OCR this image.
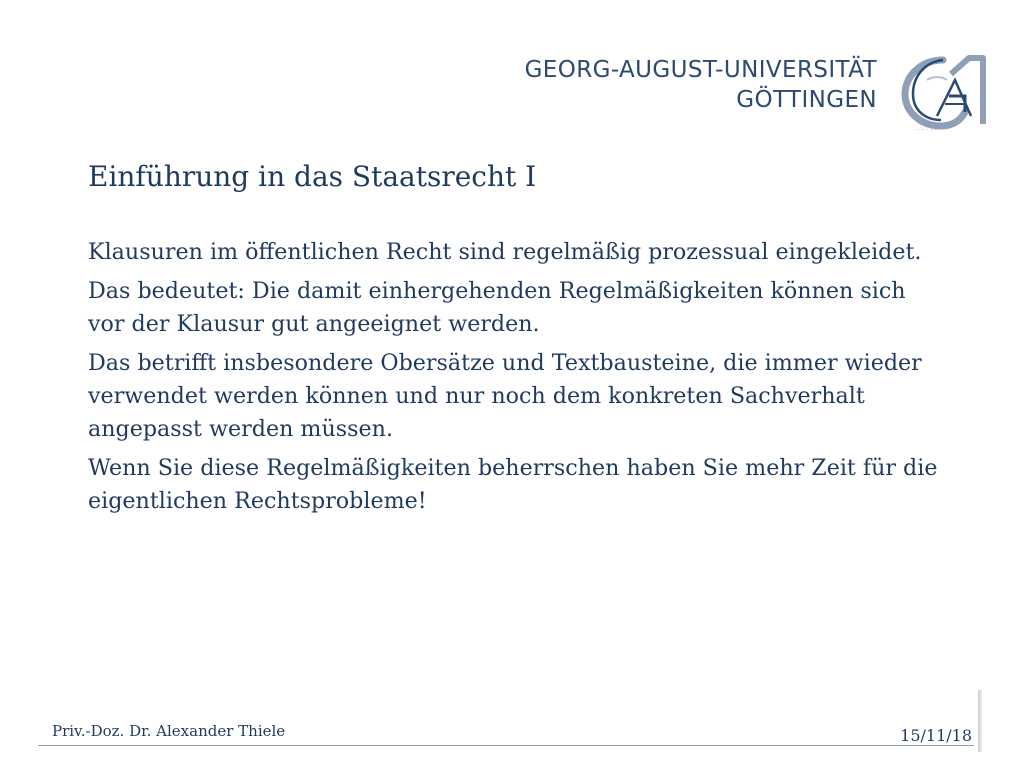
GEORG-AUGUST-UNIVERSITÄT
GÖTTINGEN
· · · · ·
Einführung in das Staatsrecht I

Klausuren im öffentlichen Recht sind regelmäßig prozessual eingekleidet.

Das bedeutet: Die damit einhergehenden Regelmäßigkeiten können sich vor der Klausur gut angeeignet werden.

Das betrifft insbesondere Obersätze und Textbausteine, die immer wieder verwendet werden können und nur noch dem konkreten Sachverhalt angepasst werden müssen.

Wenn Sie diese Regelmäßigkeiten beherrschen haben Sie mehr Zeit für die eigentlichen Rechtsprobleme!

Priv.-Doz. Dr. Alexander Thiele	15/11/18
